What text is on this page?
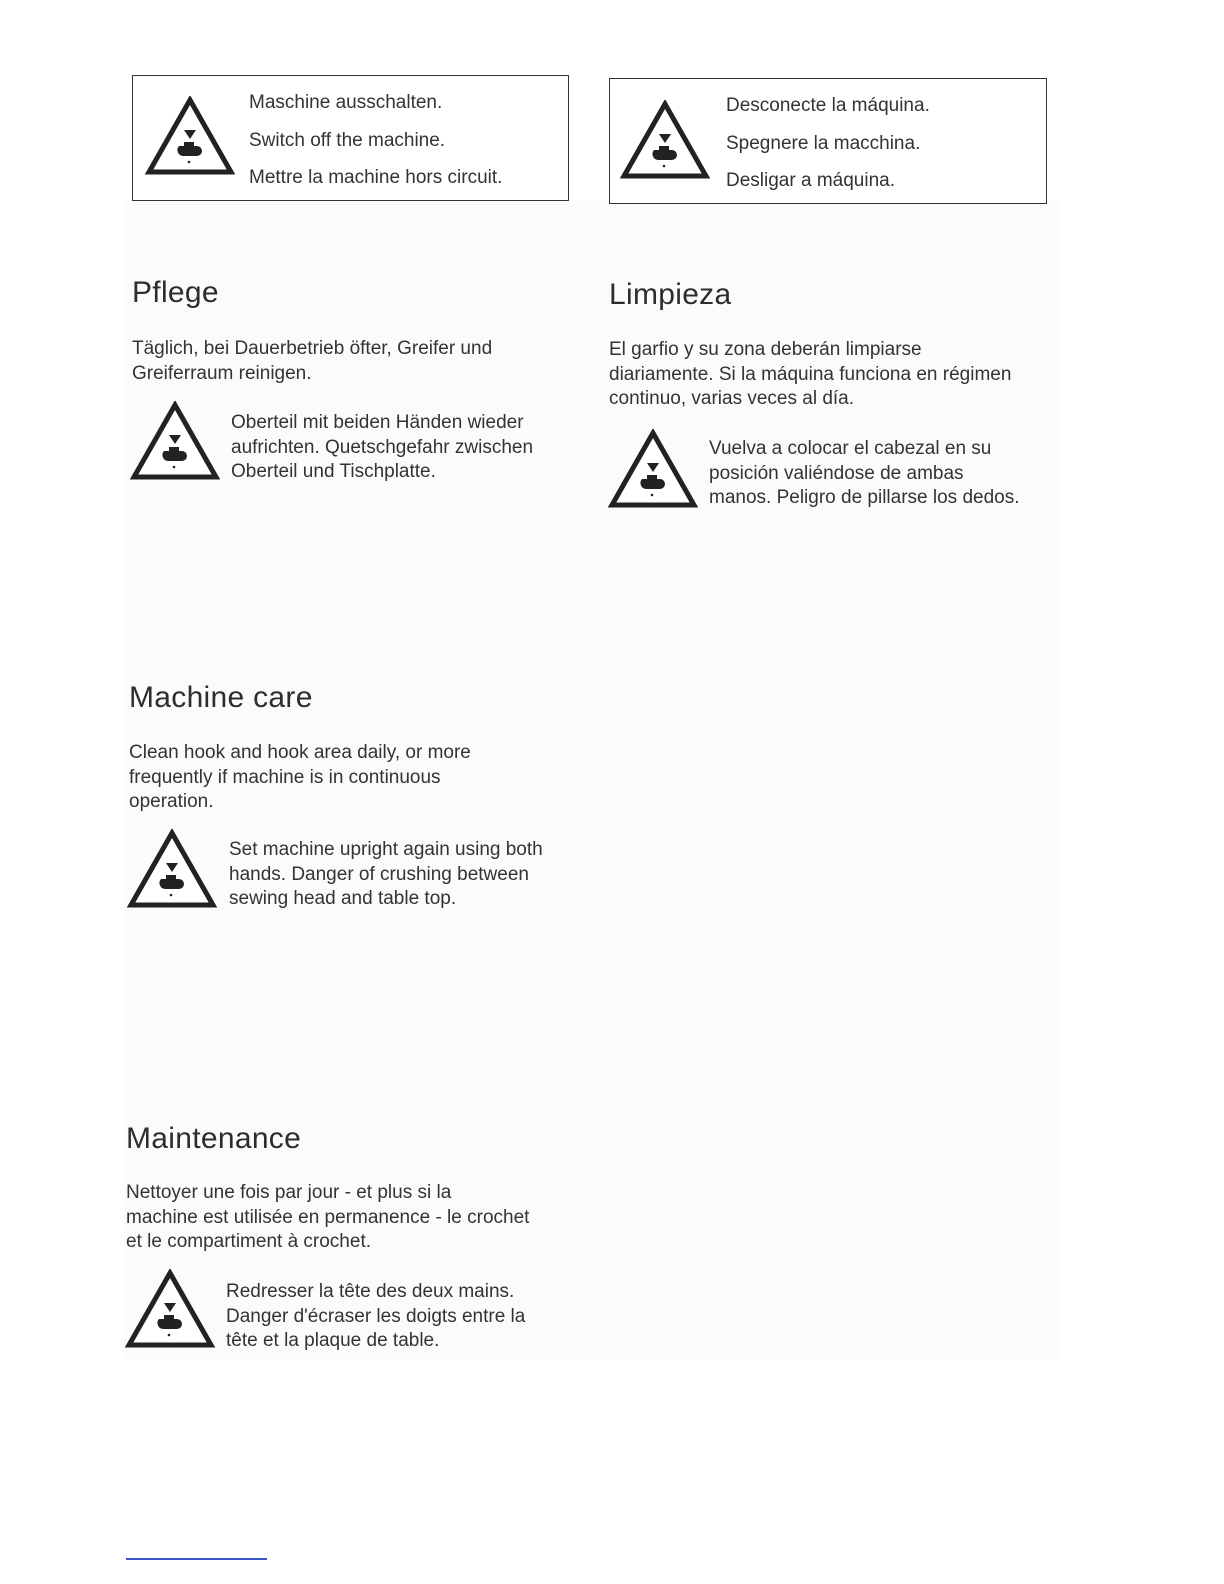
Maschine ausschalten.
Switch off the machine.
Mettre la machine hors circuit.
Desconecte la máquina.
Spegnere la macchina.
Desligar a máquina.
Pflege
Täglich, bei Dauerbetrieb öfter, Greifer und
Greiferraum reinigen.
Oberteil mit beiden Händen wieder
aufrichten. Quetschgefahr zwischen
Oberteil und Tischplatte.
Limpieza
El garfio y su zona deberán limpiarse
diariamente. Si la máquina funciona en régimen
continuo, varias veces al día.
Vuelva a colocar el cabezal en su
posición valiéndose de ambas
manos. Peligro de pillarse los dedos.
Machine care
Clean hook and hook area daily, or more
frequently if machine is in continuous
operation.
Set machine upright again using both
hands. Danger of crushing between
sewing head and table top.
Maintenance
Nettoyer une fois par jour - et plus si la
machine est utilisée en permanence - le crochet
et le compartiment à crochet.
Redresser la tête des deux mains.
Danger d'écraser les doigts entre la
tête et la plaque de table.
